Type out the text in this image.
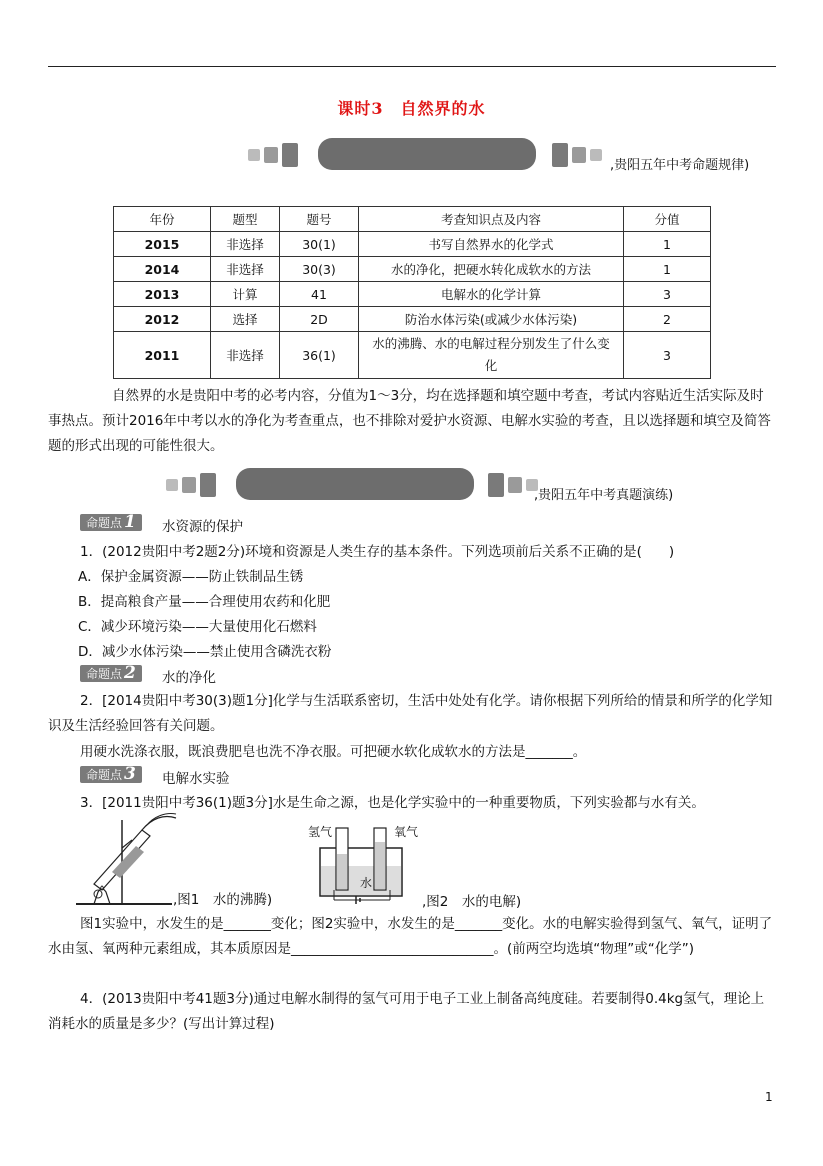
课时3　自然界的水
,贵阳五年中考命题规律)
年份	题型	题号	考查知识点及内容	分值
2015	非选择	30(1)	书写自然界水的化学式	1
2014	非选择	30(3)	水的净化，把硬水转化成软水的方法	1
2013	计算	41	电解水的化学计算	3
2012	选择	2D	防治水体污染(或减少水体污染)	2
2011	非选择	36(1)	水的沸腾、水的电解过程分别发生了什么变化	3
自然界的水是贵阳中考的必考内容，分值为1～3分，均在选择题和填空题中考查，考试内容贴近生活实际及时事热点。预计2016年中考以水的净化为考查重点，也不排除对爱护水资源、电解水实验的考查，且以选择题和填空及简答题的形式出现的可能性很大。
,贵阳五年中考真题演练)
命题点 1	水资源的保护
1．(2012贵阳中考2题2分)环境和资源是人类生存的基本条件。下列选项前后关系不正确的是(　　)
A．保护金属资源——防止铁制品生锈
B．提高粮食产量——合理使用农药和化肥
C．减少环境污染——大量使用化石燃料
D．减少水体污染——禁止使用含磷洗衣粉
命题点 2	水的净化
2．[2014贵阳中考30(3)题1分]化学与生活联系密切，生活中处处有化学。请你根据下列所给的情景和所学的化学知识及生活经验回答有关问题。
用硬水洗涤衣服，既浪费肥皂也洗不净衣服。可把硬水软化成软水的方法是_______。
命题点 3	电解水实验
3．[2011贵阳中考36(1)题3分]水是生命之源，也是化学实验中的一种重要物质，下列实验都与水有关。
,图1　水的沸腾)
氢气	氧气
水
,图2　水的电解)
图1实验中，水发生的是_______变化；图2实验中，水发生的是_______变化。水的电解实验得到氢气、氧气，证明了水由氢、氧两种元素组成，其本质原因是______________________________。(前两空均选填“物理”或“化学”)
4．(2013贵阳中考41题3分)通过电解水制得的氢气可用于电子工业上制备高纯度硅。若要制得0.4kg氢气，理论上消耗水的质量是多少？(写出计算过程)
1
